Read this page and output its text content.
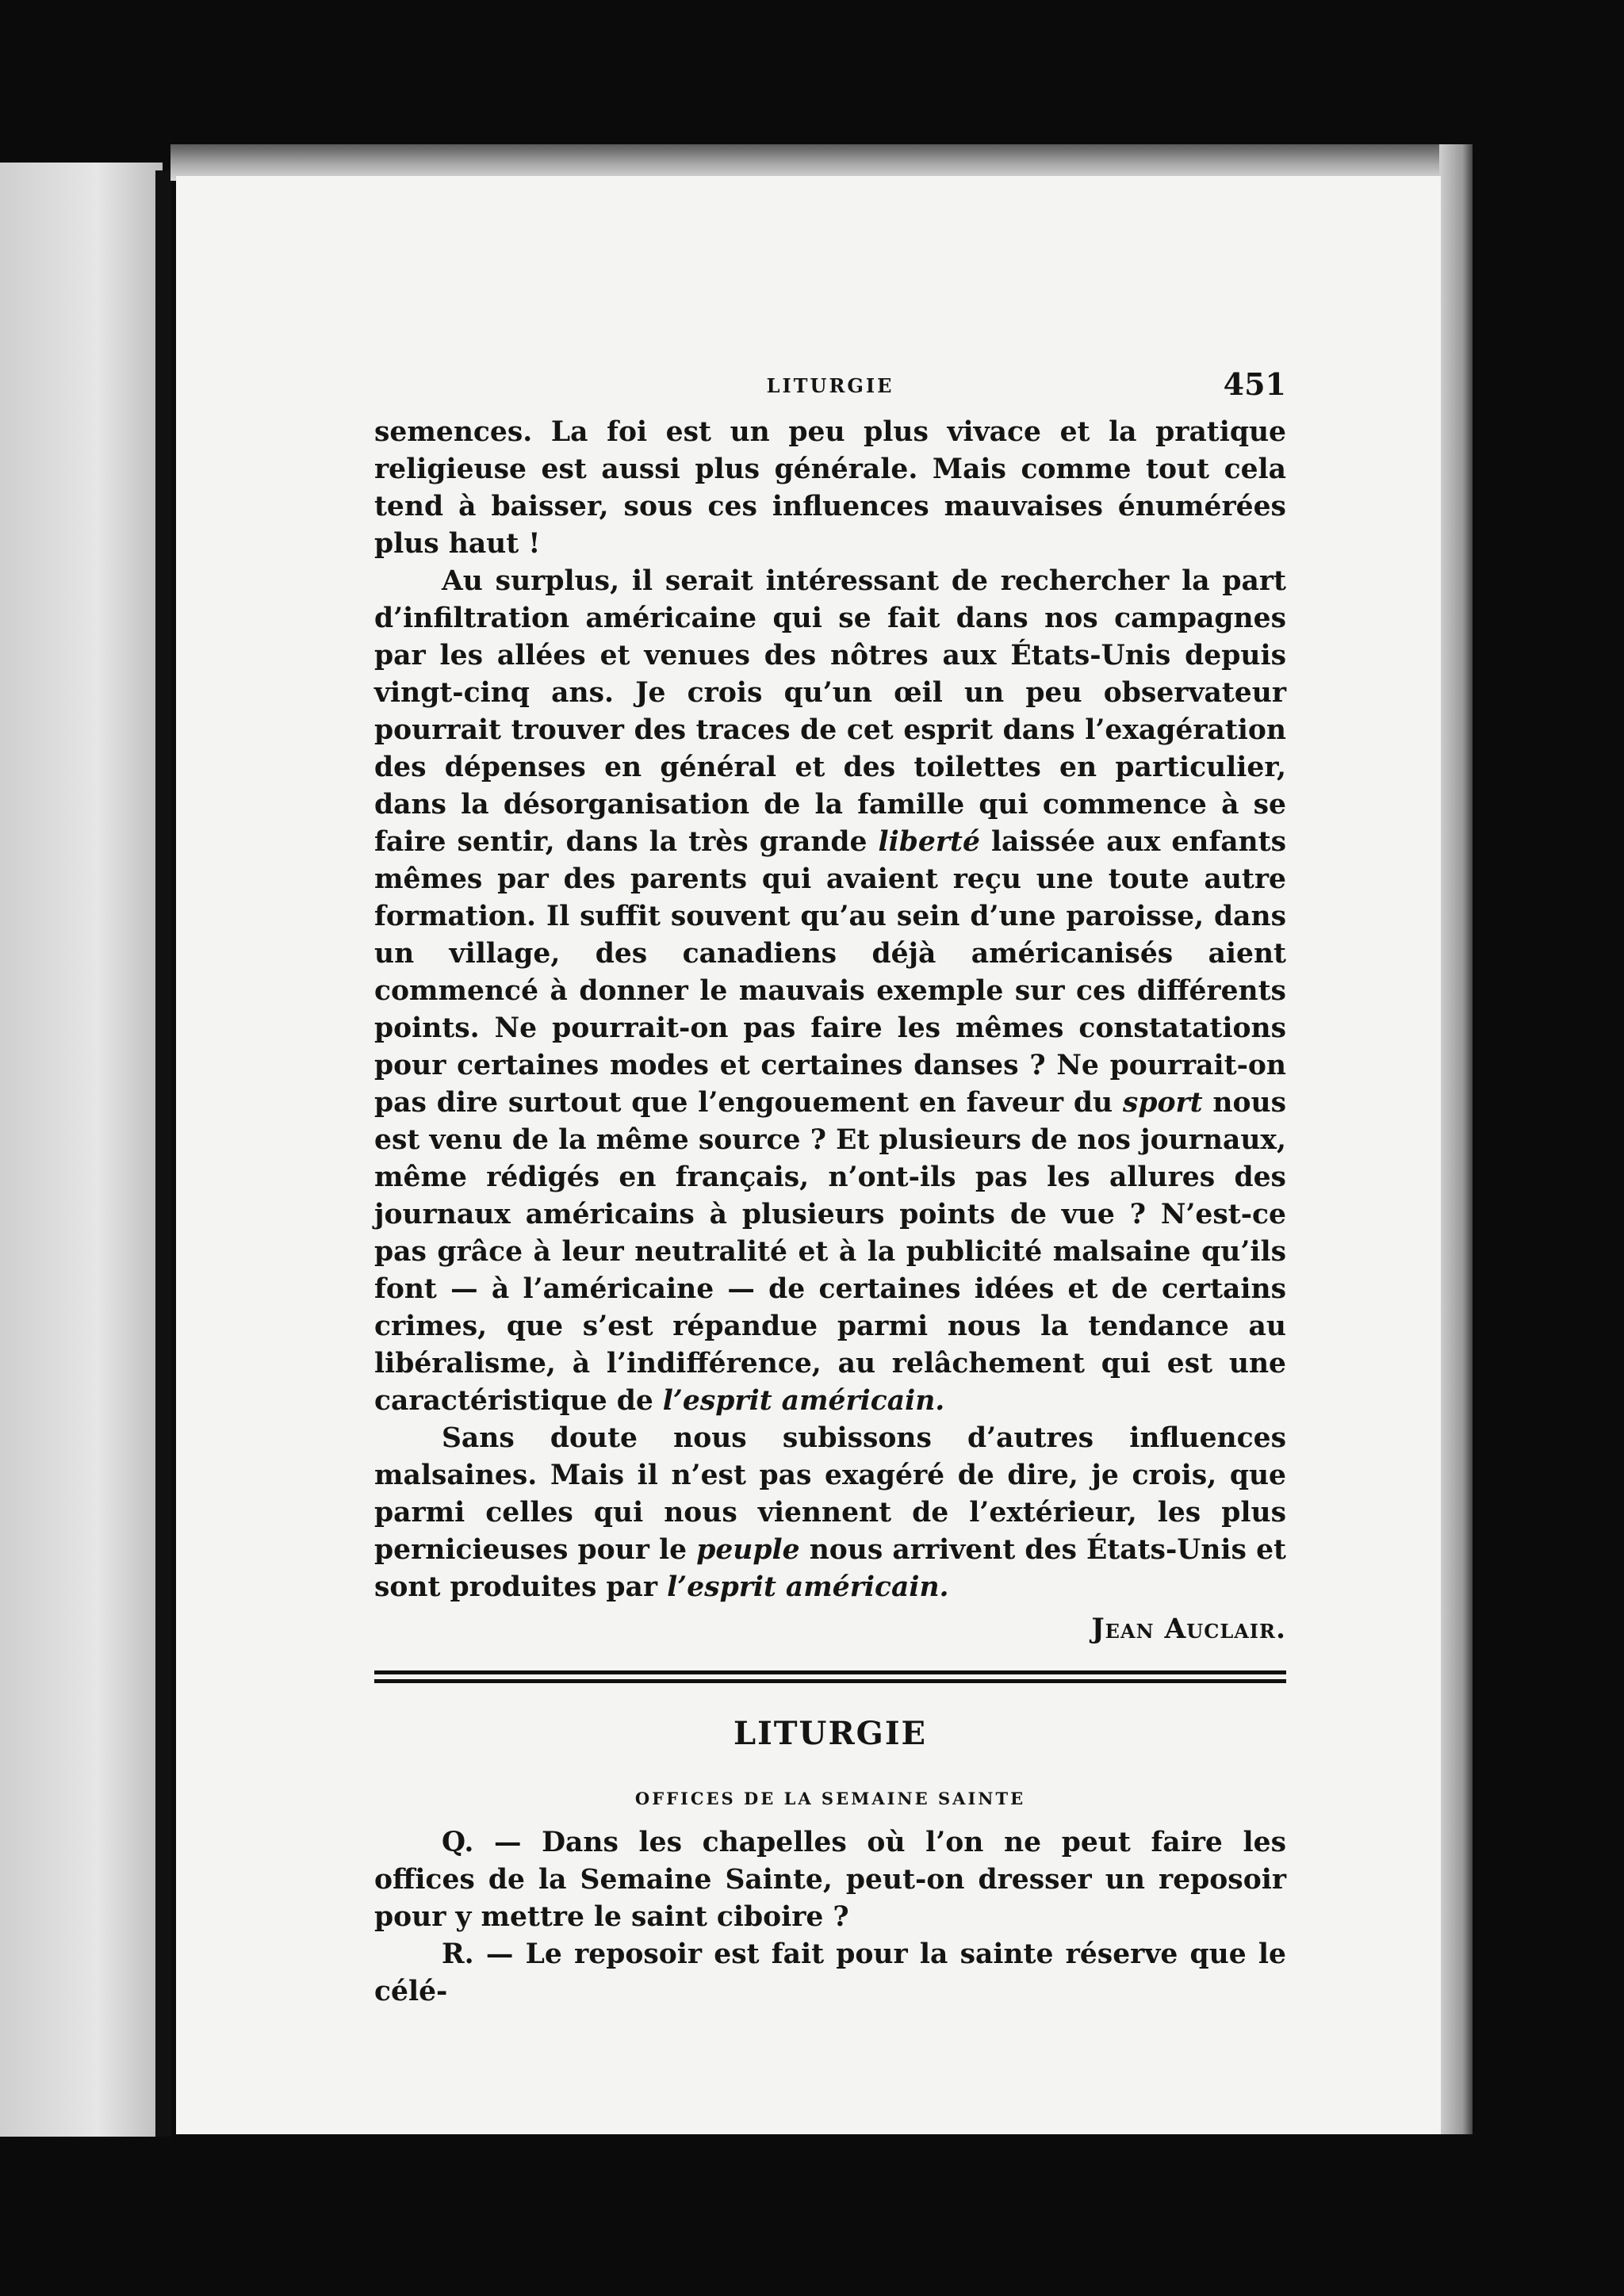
LITURGIE	451

semences. La foi est un peu plus vivace et la pratique religieuse est aussi plus générale. Mais comme tout cela tend à baisser, sous ces influences mauvaises énumérées plus haut !

Au surplus, il serait intéressant de rechercher la part d’infiltration américaine qui se fait dans nos campagnes par les allées et venues des nôtres aux États-Unis depuis vingt-cinq ans. Je crois qu’un œil un peu observateur pourrait trouver des traces de cet esprit dans l’exagération des dépenses en général et des toilettes en particulier, dans la désorganisation de la famille qui commence à se faire sentir, dans la très grande liberté laissée aux enfants mêmes par des parents qui avaient reçu une toute autre formation. Il suffit souvent qu’au sein d’une paroisse, dans un village, des canadiens déjà américanisés aient commencé à donner le mauvais exemple sur ces différents points. Ne pourrait-on pas faire les mêmes constatations pour certaines modes et certaines danses ? Ne pourrait-on pas dire surtout que l’engouement en faveur du sport nous est venu de la même source ? Et plusieurs de nos journaux, même rédigés en français, n’ont-ils pas les allures des journaux américains à plusieurs points de vue ? N’est-ce pas grâce à leur neutralité et à la publicité malsaine qu’ils font — à l’américaine — de certaines idées et de certains crimes, que s’est répandue parmi nous la tendance au libéralisme, à l’indifférence, au relâchement qui est une caractéristique de l’esprit américain.

Sans doute nous subissons d’autres influences malsaines. Mais il n’est pas exagéré de dire, je crois, que parmi celles qui nous viennent de l’extérieur, les plus pernicieuses pour le peuple nous arrivent des États-Unis et sont produites par l’esprit américain.

Jean Auclair.
LITURGIE
OFFICES DE LA SEMAINE SAINTE

Q. — Dans les chapelles où l’on ne peut faire les offices de la Semaine Sainte, peut-on dresser un reposoir pour y mettre le saint ciboire ?

R. — Le reposoir est fait pour la sainte réserve que le célé-
